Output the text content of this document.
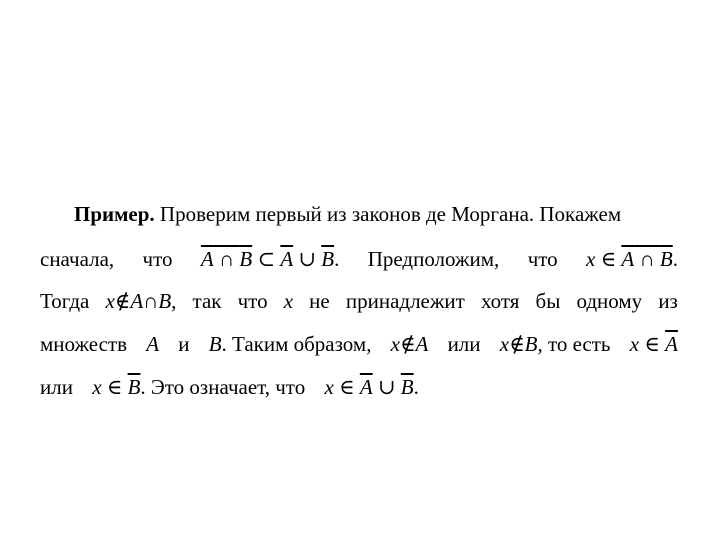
Пример. Проверим первый из законов де Моргана. Покажем
сначала, что A ∩ B ⊂ $\overline{A}$ ∪ $\overline{B}$. Предположим, что x ∈ A ∩ B.
Тогда x∉A∩B, так что x не принадлежит хотя бы одному из
множеств A и B. Таким образом, x∉A или x∉B, то есть x ∈ $\overline{A}$
или x ∈ $\overline{B}$. Это означает, что x ∈ $\overline{A}$ ∪ $\overline{B}$.
